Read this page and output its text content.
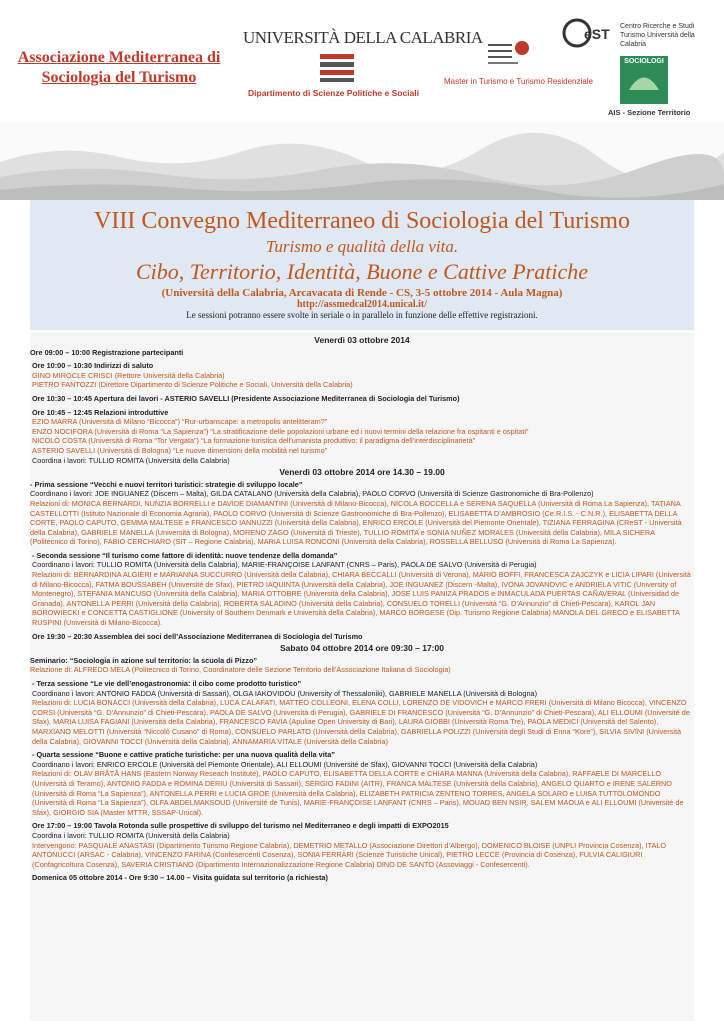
Associazione Mediterranea di Sociologia del Turismo
UNIVERSITÀ DELLA CALABRIA
Dipartimento di Scienze Politiche e Sociali
Master in Turismo e Turismo Residenziale
eST Centro Ricerche e Studi Turismo Università della Calabria
SOCIOLOGI
AIS - Sezione Territorio
VIII Convegno Mediterraneo di Sociologia del Turismo
Turismo e qualità della vita.
Cibo, Territorio, Identità, Buone e Cattive Pratiche
(Università della Calabria, Arcavacata di Rende - CS, 3-5 ottobre 2014 - Aula Magna)
http://assmedcal2014.unical.it/
Le sessioni potranno essere svolte in seriale o in parallelo in funzione delle effettive registrazioni.
Venerdì 03 ottobre 2014

Ore 09:00 – 10:00 Registrazione partecipanti

Ore 10:00 – 10:30 Indirizzi di saluto

GINO MIROCLE CRISCI (Rettore Università della Calabria)

PIETRO FANTOZZI (Direttore Dipartimento di Scienze Politiche e Sociali, Università della Calabria)

Ore 10:30 – 10:45 Apertura dei lavori - ASTERIO SAVELLI (Presidente Associazione Mediterranea di Sociologia del Turismo)

Ore 10:45 – 12:45 Relazioni introduttive

EZIO MARRA (Università di Milano “Bicocca”) “Rur-urbanscape: a metropolis antelitteram?”

ENZO NOCIFORA (Università di Roma “La Sapienza”) “La stratificazione delle popolazioni urbane ed i nuovi termini della relazione fra ospitanti e ospitati”

NICOLÒ COSTA (Università di Roma “Tor Vergata”) “La formazione turistica dell’umanista produttivo: il paradigma dell’interdisciplinarietà”

ASTERIO SAVELLI (Università di Bologna) “Le nuove dimensioni della mobilità nel turismo”

Coordina i lavori: TULLIO ROMITA (Università della Calabria)

Venerdì 03 ottobre 2014 ore 14.30 – 19.00

- Prima sessione “Vecchi e nuovi territori turistici: strategie di sviluppo locale”

Coordinano i lavori: JOE INGUANEZ (Discern – Malta), GILDA CATALANO (Università della Calabria), PAOLO CORVO (Università di Scienze Gastronomiche di Bra-Pollenzo)

Relazioni di: MONICA BERNARDI, NUNZIA BORRELLI e DAVIDE DIAMANTINI (Università di Milano-Bicocca), NICOLA BOCCELLA e SERENA SAQUELLA (Università di Roma La Sapienza), TATIANA CASTELLOTTI (Istituto Nazionale di Economia Agraria), PAOLO CORVO (Università di Scienze Gastronomiche di Bra-Pollenzo), ELISABETTA D’AMBROSIO (Ce.R.I.S. - C.N.R.), ELISABETTA DELLA CORTE, PAOLO CAPUTO, GEMMA MALTESE e FRANCESCO IANNUZZI (Università della Calabria), ENRICO ERCOLE (Università del Piemonte Orientale), TIZIANA FERRAGINA (CReST - Università della Calabria), GABRIELE MANELLA (Università di Bologna), MORENO ZAGO (Università di Trieste), TULLIO ROMITA e SONIA NUÑEZ MORALES (Università della Calabria), MILA SICHERA (Politecnico di Torino), FABIO CERCHIARO (SIT – Regione Calabria), MARIA LUISA RONCONI (Università della Calabria), ROSSELLA BELLUSO (Università di Roma La Sapienza).

- Seconda sessione “Il turismo come fattore di identità: nuove tendenze della domanda”

Coordinano i lavori: TULLIO ROMITA (Università della Calabria), MARIE-FRANÇOISE LANFANT (CNRS – Paris), PAOLA DE SALVO (Università di Perugia)

Relazioni di: BERNARDINA ALGIERI e MARIANNA SUCCURRO (Università della Calabria), CHIARA BECCALLI (Università di Verona), MARIO BOFFI, FRANCESCA ZAJCZYK e LICIA LIPARI (Università di Milano-Bicocca), FATMA BOUSSABEH (Université de Sfax), PIETRO IAQUINTA (Università della Calabria), JOE INGUANEZ (Discern -Malta), IVONA JOVANOVIC e ANDRIELA VITIC (University of Montenegro), STEFANIA MANCUSO (Università della Calabria), MARIA OTTOBRE (Università della Calabria), JOSE LUIS PANIZA PRADOS e INMACULADA PUERTAS CAÑAVERAL (Universidad de Granada), ANTONELLA PERRI (Università della Calabria), ROBERTA SALADINO (Università della Calabria), CONSUELO TORELLI (Università “G. D’Annunzio” di Chieti-Pescara), KAROL JAN BOROWIECKI e CONCETTA CASTIGLIONE (University of Southern Denmark e Università della Calabria), MARCO BORGESE (Dip. Turismo Regione Calabria) MANOLA DEL GRECO e ELISABETTA RUSPINI (Università di Milano-Bicocca).

Ore 19:30 – 20:30 Assemblea dei soci dell’Associazione Mediterranea di Sociologia del Turismo

Sabato 04 ottobre 2014 ore 09:30 – 17:00

Seminario: “Sociologia in azione sul territorio: la scuola di Pizzo”

Relazione di: ALFREDO MELA (Politecnico di Torino, Coordinatore delle Sezione Territorio dell’Associazione Italiana di Sociologia)

- Terza sessione “Le vie dell’enogastronomia: il cibo come prodotto turistico”

Coordinano i lavori: ANTONIO FADDA (Università di Sassari), OLGA IAKOVIDOU (University of Thessaloniki), GABRIELE MANELLA (Università di Bologna)

Relazioni di: LUCIA BONACCI (Università della Calabria), LUCA CALAFATI, MATTEO COLLEONI, ELENA COLLI, LORENZO DE VIDOVICH e MARCO FRERI (Università di Milano Bicocca), VINCENZO CORSI (Università “G. D’Annunzio” di Chieti-Pescara), PAOLA DE SALVO (Università di Perugia), GABRIELE DI FRANCESCO (Università “G. D’Annunzio” di Chieti-Pescara), ALI ELLOUMI (Université de Sfax), MARIA LUISA FAGIANI (Università della Calabria), FRANCESCO FAVIA (Apuliae Open University di Bari), LAURA GIOBBI (Università Roma Tre), PAOLA MEDICI (Università del Salento), MARXIANO MELOTTI (Università “Niccolò Cusano” di Roma), CONSUELO PARLATO (Università della Calabria), GABRIELLA POLIZZI (Università degli Studi di Enna “Kore”), SILVIA SIVINI (Università della Calabria), GIOVANNI TOCCI (Università della Calabria), ANNAMARIA VITALE (Università della Calabria)

- Quarta sessione “Buone e cattive pratiche turistiche: per una nuova qualità della vita”

Coordinano i lavori: ENRICO ERCOLE (Università del Piemonte Orientale), ALI ELLOUMI (Université de Sfax), GIOVANNI TOCCI (Università della Calabria)

Relazioni di: OLAV BRÅTÅ HANS (Eastern Norway Reseach Institute), PAOLO CAPUTO, ELISABETTA DELLA CORTE e CHIARA MANNA (Università della Calabria), RAFFAELE DI MARCELLO (Università di Teramo), ANTONIO FADDA e ROMINA DERIU (Università di Sassari), SERGIO FADINI (AITR), FRANCA MALTESE (Università della Calabria), ANGELO QUARTO e IRENE SALERNO (Università di Roma “La Sapienza”), ANTONELLA PERRI e LUCIA GROE (Università della Calabria), ELIZABETH PATRICIA ZENTENO TORRES, ANGELA SOLARO e LUISA TUTTOLOMONDO (Università di Roma “La Sapienza”), OLFA ABDELMAKSOUD (Université de Tunis), MARIE-FRANÇOISE LANFANT (CNRS – Paris), MOUAD BEN NSIR, SALEM MAOUA e ALI ELLOUMI (Université de Sfax), GIORGIO SIA (Master MTTR, SSSAP-Unical).

Ore 17:00 – 19:00 Tavola Rotonda sulle prospettive di sviluppo del turismo nel Mediterraneo e degli impatti di EXPO2015

Coordina i lavori: TULLIO ROMITA (Università della Calabria)

Intervengono: PASQUALE ANASTASI (Dipartimento Turismo Regione Calabria), DEMETRIO METALLO (Associazione Direttori d’Albergo), DOMENICO BLOISE (UNPLI Provincia Cosenza), ITALO ANTONUCCI (ARSAC - Calabria), VINCENZO FARINA (Confesercenti Cosenza), SONIA FERRARI (Scienze Turistiche Unical), PIETRO LECCE (Provincia di Cosenza), FULVIA CALIGIURI (Confagricoltura Cosenza), SAVERIA CRISTIANO (Dipartimento Internazionalizzazione Regione Calabria) DINO DE SANTO (Assoviaggi - Confesercenti).

Domenica 05 ottobre 2014 - Ore 9:30 – 14.00 – Visita guidata sul territorio (a richiesta)
